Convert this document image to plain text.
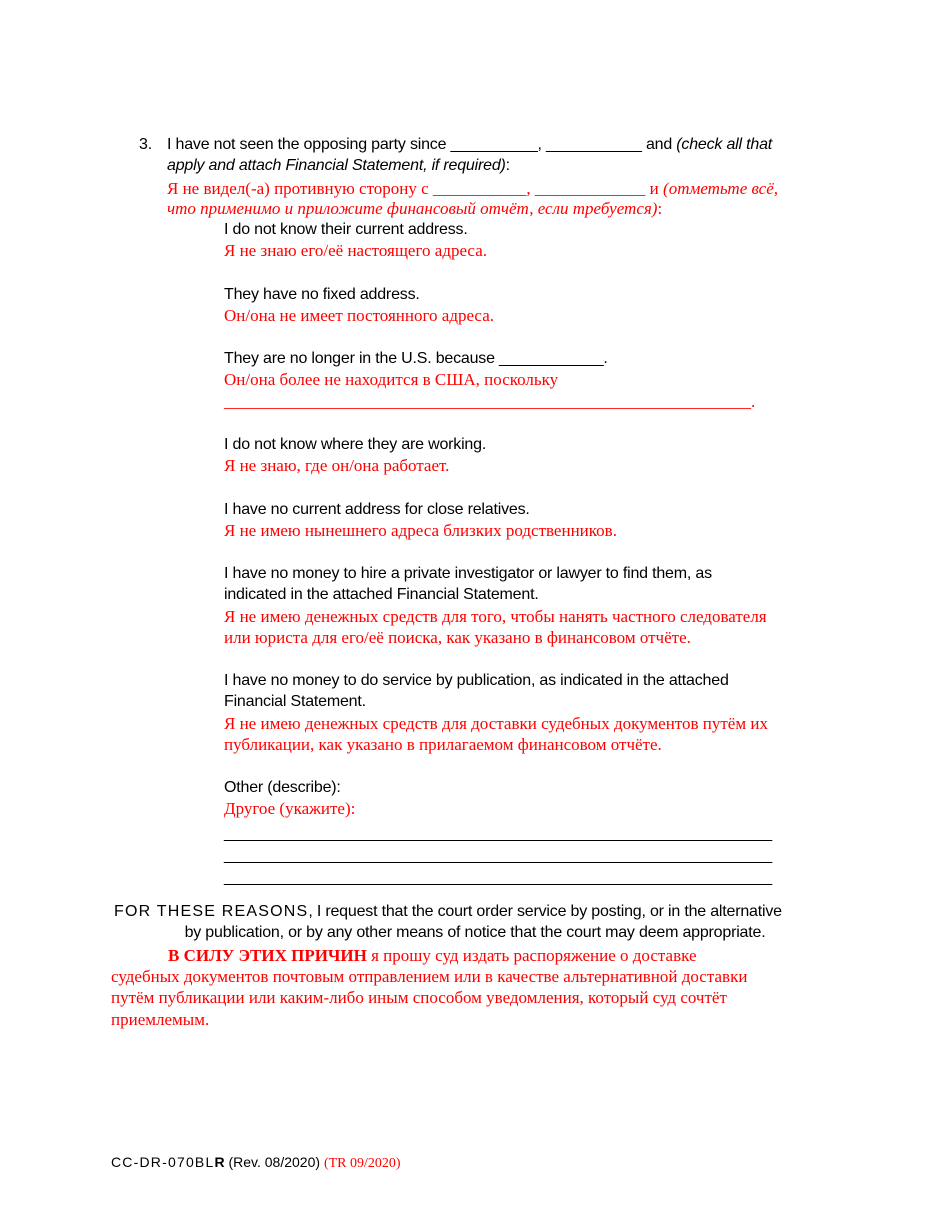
3. I have not seen the opposing party since __________, ___________ and (check all that
apply and attach Financial Statement, if required):
Я не видел(-а) противную сторону с ___________, _____________ и (отметьте всё,
что применимо и приложите финансовый отчёт, если требуется):
I do not know their current address.
Я не знаю его/её настоящего адреса.
They have no fixed address.
Он/она не имеет постоянного адреса.
They are no longer in the U.S. because ____________.
Он/она более не находится в США, поскольку
______________________________________________________________.
I do not know where they are working.
Я не знаю, где он/она работает.
I have no current address for close relatives.
Я не имею нынешнего адреса близких родственников.
I have no money to hire a private investigator or lawyer to find them, as
indicated in the attached Financial Statement.
Я не имею денежных средств для того, чтобы нанять частного следователя
или юриста для его/её поиска, как указано в финансовом отчёте.
I have no money to do service by publication, as indicated in the attached
Financial Statement.
Я не имею денежных средств для доставки судебных документов путём их
публикации, как указано в прилагаемом финансовом отчёте.
Other (describe):
Другое (укажите):
_______________________________________________________________
_______________________________________________________________
_______________________________________________________________
FOR THESE REASONS, I request that the court order service by posting, or in the alternative
by publication, or by any other means of notice that the court may deem appropriate.
В СИЛУ ЭТИХ ПРИЧИН я прошу суд издать распоряжение о доставке
судебных документов почтовым отправлением или в качестве альтернативной доставки
путём публикации или каким-либо иным способом уведомления, который суд сочтёт
приемлемым.
CC-DR-070BLR (Rev. 08/2020) (TR 09/2020)
